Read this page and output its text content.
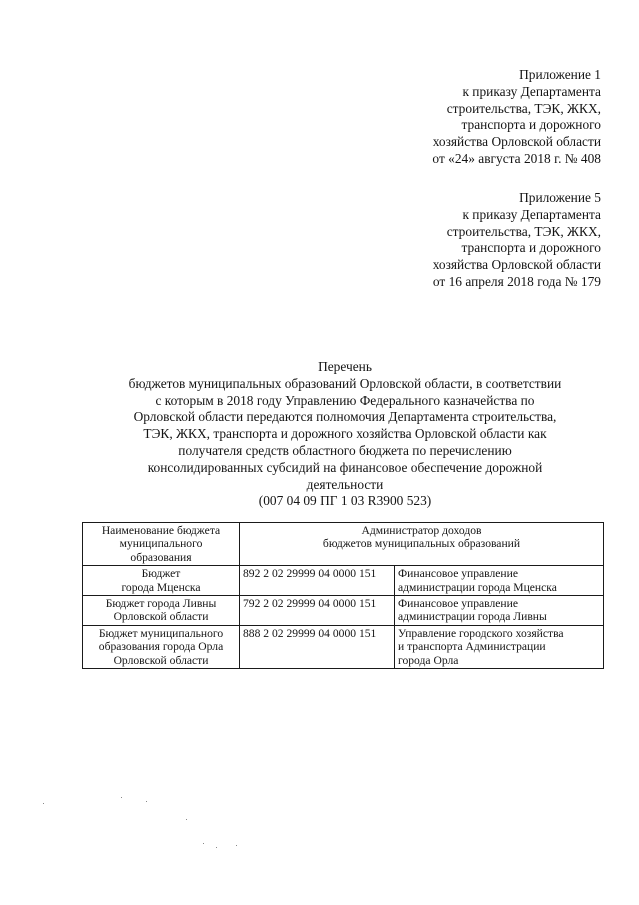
Приложение 1
к приказу Департамента
строительства, ТЭК, ЖКХ,
транспорта и дорожного
хозяйства Орловской области
от «24» августа 2018 г. № 408
Приложение 5
к приказу Департамента
строительства, ТЭК, ЖКХ,
транспорта и дорожного
хозяйства Орловской области
от 16 апреля 2018 года № 179
Перечень
бюджетов муниципальных образований Орловской области, в соответствии
с которым в 2018 году Управлению Федерального казначейства по
Орловской области передаются полномочия Департамента строительства,
ТЭК, ЖКХ, транспорта и дорожного хозяйства Орловской области как
получателя средств областного бюджета по перечислению
консолидированных субсидий на финансовое обеспечение дорожной
деятельности
(007 04 09 ПГ 1 03 R3900 523)
Наименование бюджета
муниципального
образования	Администратор доходов
бюджетов муниципальных образований	

Бюджет
города Мценска	892 2 02 29999 04 0000 151	Финансовое управление
администрации города Мценска

Бюджет города Ливны
Орловской области	792 2 02 29999 04 0000 151	Финансовое управление
администрации города Ливны

Бюджет муниципального
образования города Орла
Орловской области	888 2 02 29999 04 0000 151	Управление городского хозяйства
и транспорта Администрации
города Орла
